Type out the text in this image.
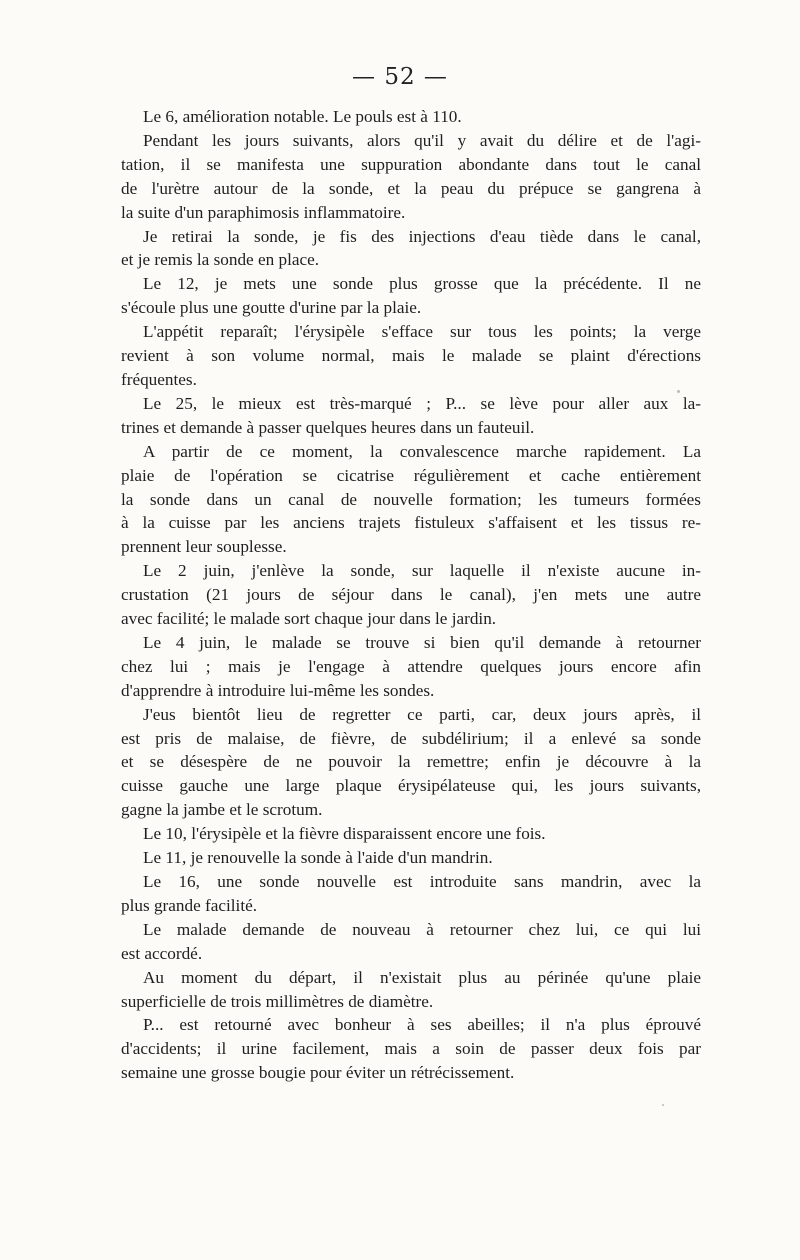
— 52 —
Le 6, amélioration notable. Le pouls est à 110.
Pendant les jours suivants, alors qu'il y avait du délire et de l'agi-
tation, il se manifesta une suppuration abondante dans tout le canal
de l'urètre autour de la sonde, et la peau du prépuce se gangrena à
la suite d'un paraphimosis inflammatoire.
Je retirai la sonde, je fis des injections d'eau tiède dans le canal,
et je remis la sonde en place.
Le 12, je mets une sonde plus grosse que la précédente. Il ne
s'écoule plus une goutte d'urine par la plaie.
L'appétit reparaît; l'érysipèle s'efface sur tous les points; la verge
revient à son volume normal, mais le malade se plaint d'érections
fréquentes.
Le 25, le mieux est très-marqué ; P... se lève pour aller aux la-
trines et demande à passer quelques heures dans un fauteuil.
A partir de ce moment, la convalescence marche rapidement. La
plaie de l'opération se cicatrise régulièrement et cache entièrement
la sonde dans un canal de nouvelle formation; les tumeurs formées
à la cuisse par les anciens trajets fistuleux s'affaisent et les tissus re-
prennent leur souplesse.
Le 2 juin, j'enlève la sonde, sur laquelle il n'existe aucune in-
crustation (21 jours de séjour dans le canal), j'en mets une autre
avec facilité; le malade sort chaque jour dans le jardin.
Le 4 juin, le malade se trouve si bien qu'il demande à retourner
chez lui ; mais je l'engage à attendre quelques jours encore afin
d'apprendre à introduire lui-même les sondes.
J'eus bientôt lieu de regretter ce parti, car, deux jours après, il
est pris de malaise, de fièvre, de subdélirium; il a enlevé sa sonde
et se désespère de ne pouvoir la remettre; enfin je découvre à la
cuisse gauche une large plaque érysipélateuse qui, les jours suivants,
gagne la jambe et le scrotum.
Le 10, l'érysipèle et la fièvre disparaissent encore une fois.
Le 11, je renouvelle la sonde à l'aide d'un mandrin.
Le 16, une sonde nouvelle est introduite sans mandrin, avec la
plus grande facilité.
Le malade demande de nouveau à retourner chez lui, ce qui lui
est accordé.
Au moment du départ, il n'existait plus au périnée qu'une plaie
superficielle de trois millimètres de diamètre.
P... est retourné avec bonheur à ses abeilles; il n'a plus éprouvé
d'accidents; il urine facilement, mais a soin de passer deux fois par
semaine une grosse bougie pour éviter un rétrécissement.
